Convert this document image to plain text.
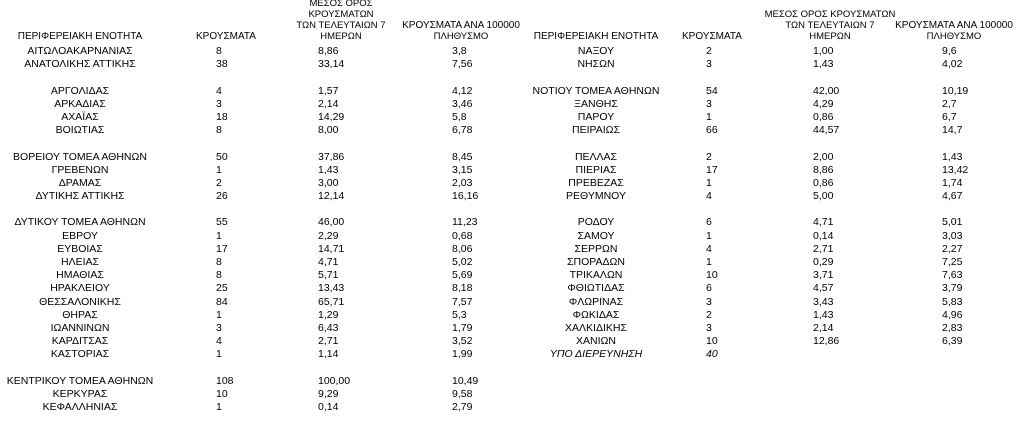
ΠΕΡΙΦΕΡΕΙΑΚΗ ΕΝΟΤΗΤΑ	ΚΡΟΥΣΜΑΤΑ
ΜΕΣΟΣ ΟΡΟΣ ΚΡΟΥΣΜΑΤΩΝ
ΤΩΝ ΤΕΛΕΥΤΑΙΩΝ 7
ΗΜΕΡΩΝ
ΚΡΟΥΣΜΑΤΑ ΑΝΑ 100000
ΠΛΗΘΥΣΜΟ
ΑΙΤΩΛΟΑΚΑΡΝΑΝΙΑΣ	8	8,86	3,8
ΑΝΑΤΟΛΙΚΗΣ ΑΤΤΙΚΗΣ	38	33,14	7,56
ΑΡΓΟΛΙΔΑΣ	4	1,57	4,12
ΑΡΚΑΔΙΑΣ	3	2,14	3,46
ΑΧΑΪΑΣ	18	14,29	5,8
ΒΟΙΩΤΙΑΣ	8	8,00	6,78
ΒΟΡΕΙΟΥ ΤΟΜΕΑ ΑΘΗΝΩΝ	50	37,86	8,45
ΓΡΕΒΕΝΩΝ	1	1,43	3,15
ΔΡΑΜΑΣ	2	3,00	2,03
ΔΥΤΙΚΗΣ ΑΤΤΙΚΗΣ	26	12,14	16,16
ΔΥΤΙΚΟΥ ΤΟΜΕΑ ΑΘΗΝΩΝ	55	46,00	11,23
ΕΒΡΟΥ	1	2,29	0,68
ΕΥΒΟΙΑΣ	17	14,71	8,06
ΗΛΕΙΑΣ	8	4,71	5,02
ΗΜΑΘΙΑΣ	8	5,71	5,69
ΗΡΑΚΛΕΙΟΥ	25	13,43	8,18
ΘΕΣΣΑΛΟΝΙΚΗΣ	84	65,71	7,57
ΘΗΡΑΣ	1	1,29	5,3
ΙΩΑΝΝΙΝΩΝ	3	6,43	1,79
ΚΑΡΔΙΤΣΑΣ	4	2,71	3,52
ΚΑΣΤΟΡΙΑΣ	1	1,14	1,99
ΚΕΝΤΡΙΚΟΥ ΤΟΜΕΑ ΑΘΗΝΩΝ	108	100,00	10,49
ΚΕΡΚΥΡΑΣ	10	9,29	9,58
ΚΕΦΑΛΛΗΝΙΑΣ	1	0,14	2,79
ΠΕΡΙΦΕΡΕΙΑΚΗ ΕΝΟΤΗΤΑ	ΚΡΟΥΣΜΑΤΑ
ΜΕΣΟΣ ΟΡΟΣ ΚΡΟΥΣΜΑΤΩΝ
ΤΩΝ ΤΕΛΕΥΤΑΙΩΝ 7
ΗΜΕΡΩΝ
ΚΡΟΥΣΜΑΤΑ ΑΝΑ 100000
ΠΛΗΘΥΣΜΟ
ΝΑΞΟΥ	2	1,00	9,6
ΝΗΣΩΝ	3	1,43	4,02
ΝΟΤΙΟΥ ΤΟΜΕΑ ΑΘΗΝΩΝ	54	42,00	10,19
ΞΑΝΘΗΣ	3	4,29	2,7
ΠΑΡΟΥ	1	0,86	6,7
ΠΕΙΡΑΙΩΣ	66	44,57	14,7
ΠΕΛΛΑΣ	2	2,00	1,43
ΠΙΕΡΙΑΣ	17	8,86	13,42
ΠΡΕΒΕΖΑΣ	1	0,86	1,74
ΡΕΘΥΜΝΟΥ	4	5,00	4,67
ΡΟΔΟΥ	6	4,71	5,01
ΣΑΜΟΥ	1	0,14	3,03
ΣΕΡΡΩΝ	4	2,71	2,27
ΣΠΟΡΑΔΩΝ	1	0,29	7,25
ΤΡΙΚΑΛΩΝ	10	3,71	7,63
ΦΘΙΩΤΙΔΑΣ	6	4,57	3,79
ΦΛΩΡΙΝΑΣ	3	3,43	5,83
ΦΩΚΙΔΑΣ	2	1,43	4,96
ΧΑΛΚΙΔΙΚΗΣ	3	2,14	2,83
ΧΑΝΙΩΝ	10	12,86	6,39
ΥΠΟ ΔΙΕΡΕΥΝΗΣΗ	40
